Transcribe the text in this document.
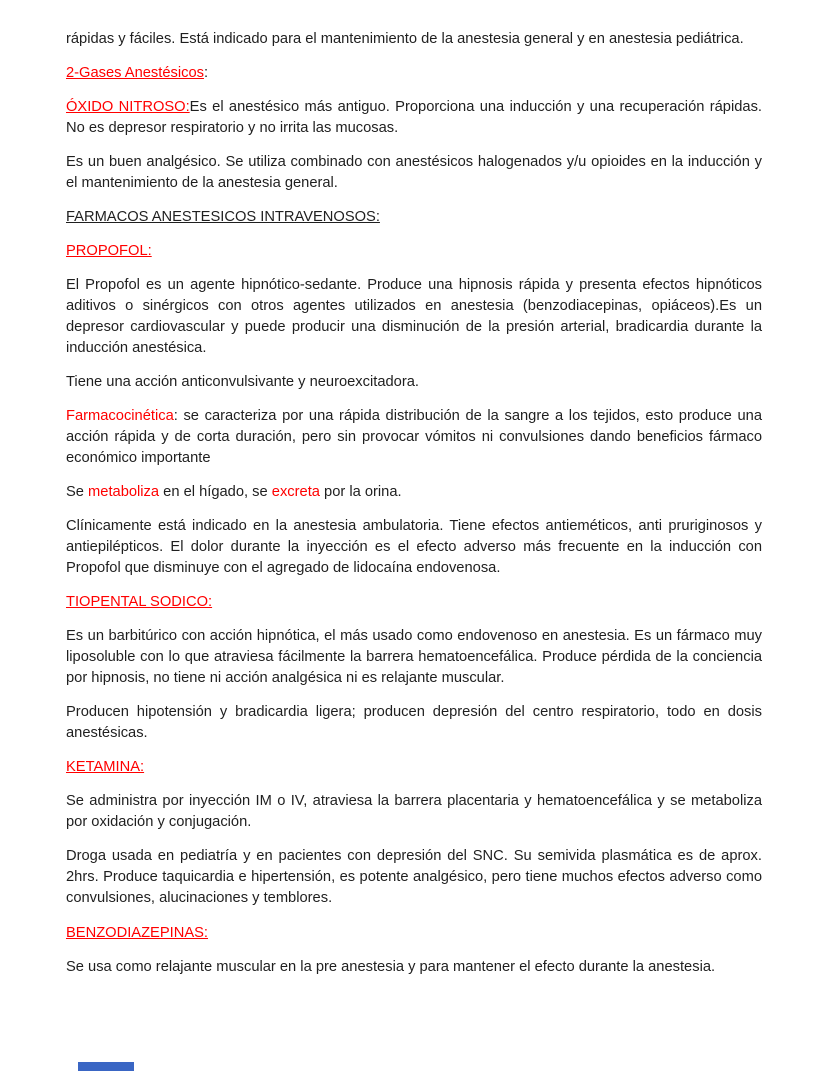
rápidas y fáciles. Está indicado para el mantenimiento de la anestesia general y en anestesia pediátrica.

2-Gases Anestésicos:

ÓXIDO NITROSO:Es el anestésico más antiguo. Proporciona una inducción y una recuperación rápidas. No es depresor respiratorio y no irrita las mucosas.

Es un buen analgésico. Se utiliza combinado con anestésicos halogenados y/u opioides en la inducción y el mantenimiento de la anestesia general.

FARMACOS ANESTESICOS INTRAVENOSOS:

PROPOFOL:

El Propofol es un agente hipnótico-sedante. Produce una hipnosis rápida y presenta efectos hipnóticos aditivos o sinérgicos con otros agentes utilizados en anestesia (benzodiacepinas, opiáceos).Es un depresor cardiovascular y puede producir una disminución de la presión arterial, bradicardia durante la inducción anestésica.

Tiene una acción anticonvulsivante y neuroexcitadora.

Farmacocinética: se caracteriza por una rápida distribución de la sangre a los tejidos, esto produce una acción rápida y de corta duración, pero sin provocar vómitos ni convulsiones dando beneficios fármaco económico importante

Se metaboliza en el hígado, se excreta por la orina.

Clínicamente está indicado en la anestesia ambulatoria. Tiene efectos antieméticos, anti pruriginosos y antiepilépticos. El dolor durante la inyección es el efecto adverso más frecuente en la inducción con Propofol que disminuye con el agregado de lidocaína endovenosa.

TIOPENTAL SODICO:

Es un barbitúrico con acción hipnótica, el más usado como endovenoso en anestesia. Es un fármaco muy liposoluble con lo que atraviesa fácilmente la barrera hematoencefálica. Produce pérdida de la conciencia por hipnosis, no tiene ni acción analgésica ni es relajante muscular.

Producen hipotensión y bradicardia ligera; producen depresión del centro respiratorio, todo en dosis anestésicas.

KETAMINA:

Se administra por inyección IM o IV, atraviesa la barrera placentaria y hematoencefálica y se metaboliza por oxidación y conjugación.

Droga usada en pediatría y en pacientes con depresión del SNC. Su semivida plasmática es de aprox. 2hrs. Produce taquicardia e hipertensión, es potente analgésico, pero tiene muchos efectos adverso como convulsiones, alucinaciones y temblores.

BENZODIAZEPINAS:

Se usa como relajante muscular en la pre anestesia y para mantener el efecto durante la anestesia.
